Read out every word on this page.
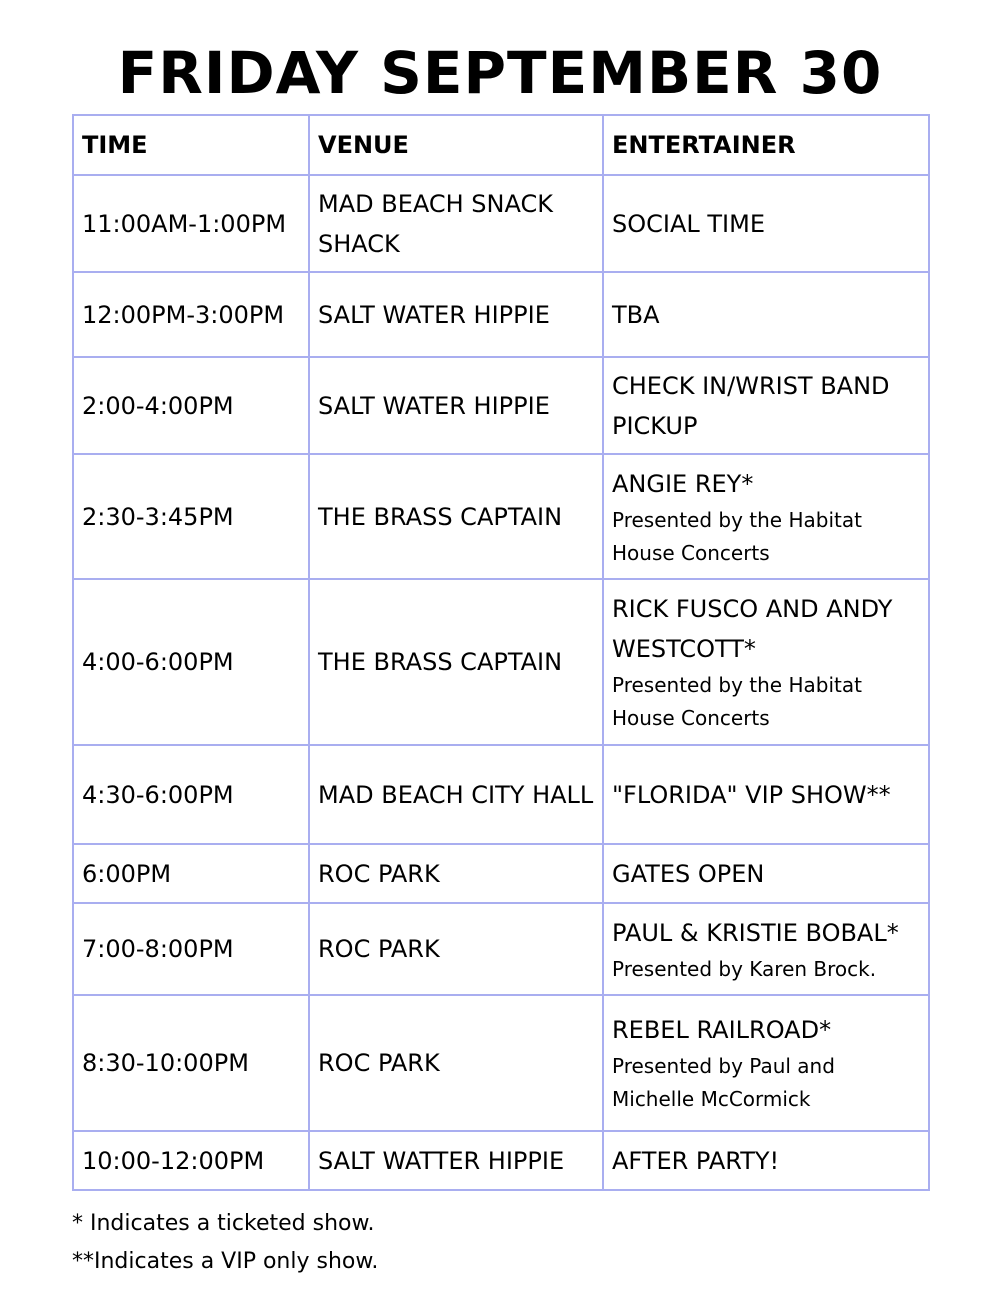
FRIDAY SEPTEMBER 30
TIME	VENUE	ENTERTAINER
11:00AM-1:00PM	MAD BEACH SNACK SHACK	SOCIAL TIME

12:00PM-3:00PM	SALT WATER HIPPIE	TBA

2:00-4:00PM	SALT WATER HIPPIE	CHECK IN/WRIST BAND PICKUP

2:30-3:45PM	THE BRASS CAPTAIN	ANGIE REY*
Presented by the Habitat House Concerts

4:00-6:00PM	THE BRASS CAPTAIN	RICK FUSCO AND ANDY WESTCOTT*
Presented by the Habitat House Concerts

4:30-6:00PM	MAD BEACH CITY HALL	"FLORIDA" VIP SHOW**

6:00PM	ROC PARK	GATES OPEN

7:00-8:00PM	ROC PARK	PAUL & KRISTIE BOBAL*
Presented by Karen Brock.

8:30-10:00PM	ROC PARK	REBEL RAILROAD*
Presented by Paul and Michelle McCormick

10:00-12:00PM	SALT WATTER HIPPIE	AFTER PARTY!
* Indicates a ticketed show.
**Indicates a VIP only show.
